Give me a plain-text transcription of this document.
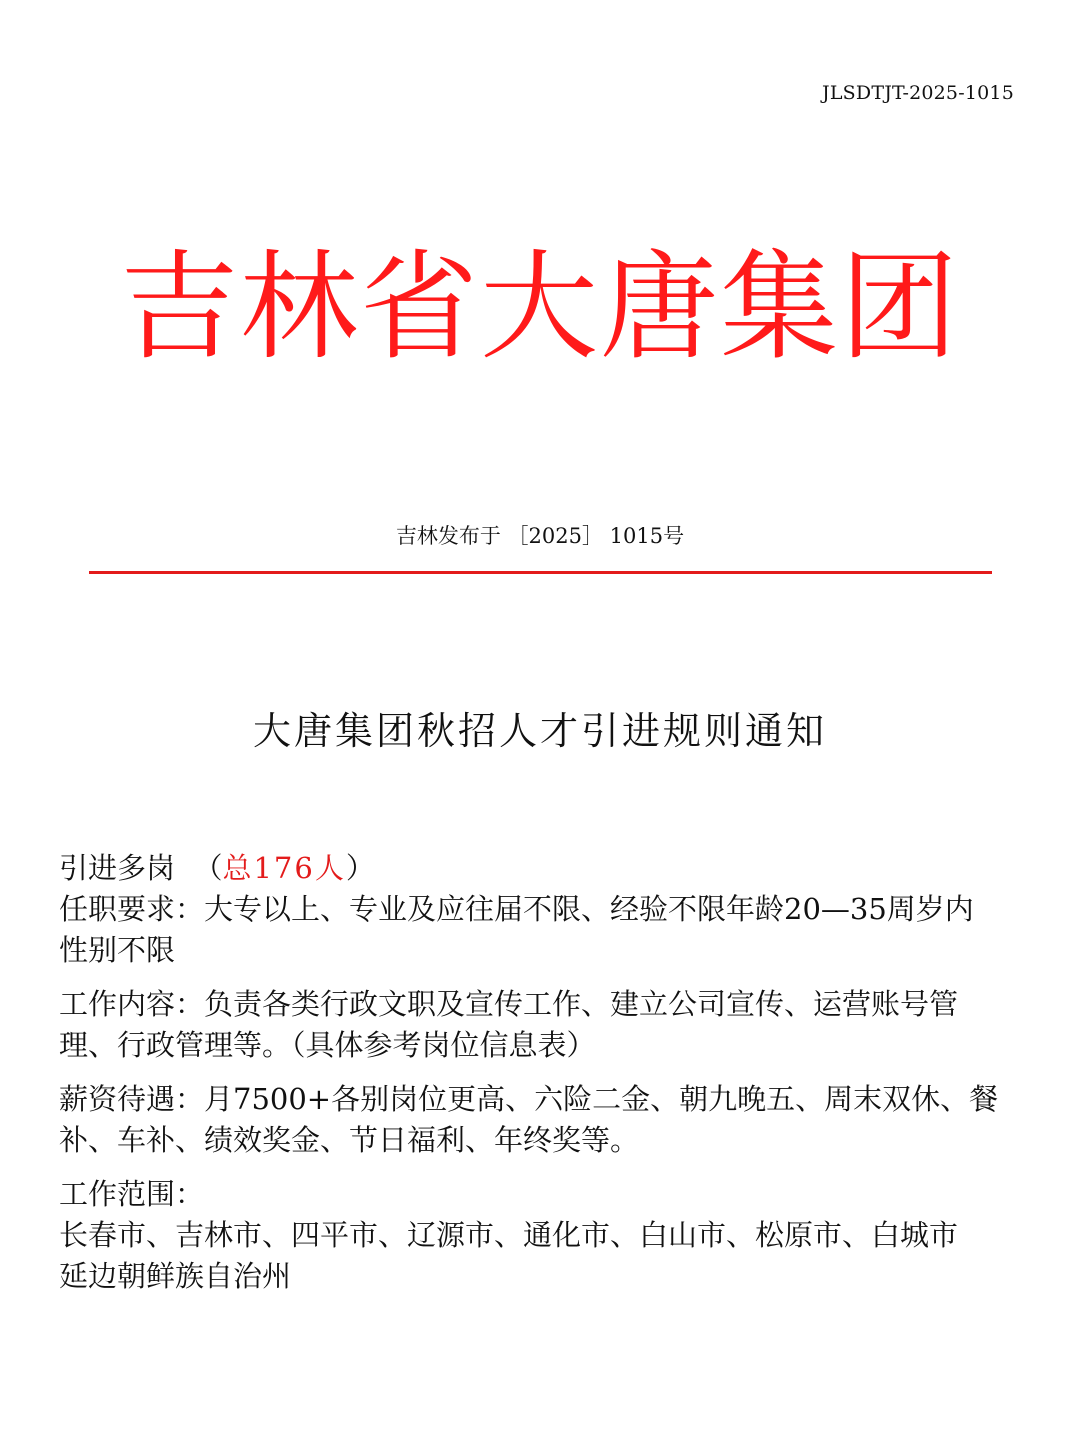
JLSDTJT-2025-1015
吉林省大唐集团
吉林发布于 ［2025］ 1015号
大唐集团秋招人才引进规则通知

引进多岗 （总176人）

任职要求：大专以上、专业及应往届不限、经验不限年龄20—35周岁内

性别不限

工作内容：负责各类行政文职及宣传工作、建立公司宣传、运营账号管

理、行政管理等。（具体参考岗位信息表）

薪资待遇：月7500+各别岗位更高、六险二金、朝九晚五、周末双休、餐

补、车补、绩效奖金、节日福利、年终奖等。

工作范围：

长春市、吉林市、四平市、辽源市、通化市、白山市、松原市、白城市

延边朝鲜族自治州
